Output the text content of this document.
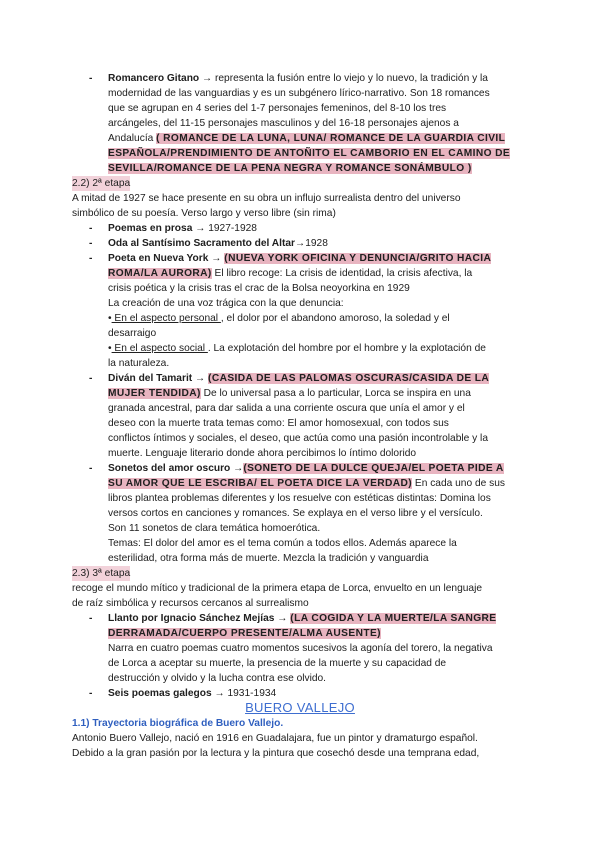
-
Romancero Gitano → representa la fusión entre lo viejo y lo nuevo, la tradición y la
modernidad de las vanguardias y es un subgénero lírico-narrativo. Son 18 romances
que se agrupan en 4 series del 1-7 personajes femeninos, del 8-10 los tres
arcángeles, del 11-15 personajes masculinos y del 16-18 personajes ajenos a
Andalucía ( ROMANCE DE LA LUNA, LUNA/ ROMANCE DE LA GUARDIA CIVIL
ESPAÑOLA/PRENDIMIENTO DE ANTOÑITO EL CAMBORIO EN EL CAMINO DE
SEVILLA/ROMANCE DE LA PENA NEGRA Y ROMANCE SONÁMBULO )
2.2) 2ª etapa
A mitad de 1927 se hace presente en su obra un influjo surrealista dentro del universo
simbólico de su poesía. Verso largo y verso libre (sin rima)
-
Poemas en prosa → 1927-1928
-
Oda al Santísimo Sacramento del Altar→1928
-
Poeta en Nueva York → (NUEVA YORK OFICINA Y DENUNCIA/GRITO HACIA
ROMA/LA AURORA) El libro recoge: La crisis de identidad, la crisis afectiva, la
crisis poética y la crisis tras el crac de la Bolsa neoyorkina en 1929
La creación de una voz trágica con la que denuncia:
• En el aspecto personal , el dolor por el abandono amoroso, la soledad y el
desarraigo
• En el aspecto social . La explotación del hombre por el hombre y la explotación de
la naturaleza.
-
Diván del Tamarit → (CASIDA DE LAS PALOMAS OSCURAS/CASIDA DE LA
MUJER TENDIDA) De lo universal pasa a lo particular, Lorca se inspira en una
granada ancestral, para dar salida a una corriente oscura que unía el amor y el
deseo con la muerte trata temas como: El amor homosexual, con todos sus
conflictos íntimos y sociales, el deseo, que actúa como una pasión incontrolable y la
muerte. Lenguaje literario donde ahora percibimos lo íntimo dolorido
-
Sonetos del amor oscuro →(SONETO DE LA DULCE QUEJA/EL POETA PIDE A
SU AMOR QUE LE ESCRIBA/ EL POETA DICE LA VERDAD) En cada uno de sus
libros plantea problemas diferentes y los resuelve con estéticas distintas: Domina los
versos cortos en canciones y romances. Se explaya en el verso libre y el versículo.
Son 11 sonetos de clara temática homoerótica.
Temas: El dolor del amor es el tema común a todos ellos. Además aparece la
esterilidad, otra forma más de muerte. Mezcla la tradición y vanguardia
2.3) 3ª etapa
recoge el mundo mítico y tradicional de la primera etapa de Lorca, envuelto en un lenguaje
de raíz simbólica y recursos cercanos al surrealismo
-
Llanto por Ignacio Sánchez Mejías → (LA COGIDA Y LA MUERTE/LA SANGRE
DERRAMADA/CUERPO PRESENTE/ALMA AUSENTE)
Narra en cuatro poemas cuatro momentos sucesivos la agonía del torero, la negativa
de Lorca a aceptar su muerte, la presencia de la muerte y su capacidad de
destrucción y olvido y la lucha contra ese olvido.
-
Seis poemas galegos → 1931-1934
BUERO VALLEJO
1.1) Trayectoria biográfica de Buero Vallejo.
Antonio Buero Vallejo, nació en 1916 en Guadalajara, fue un pintor y dramaturgo español.
Debido a la gran pasión por la lectura y la pintura que cosechó desde una temprana edad,
